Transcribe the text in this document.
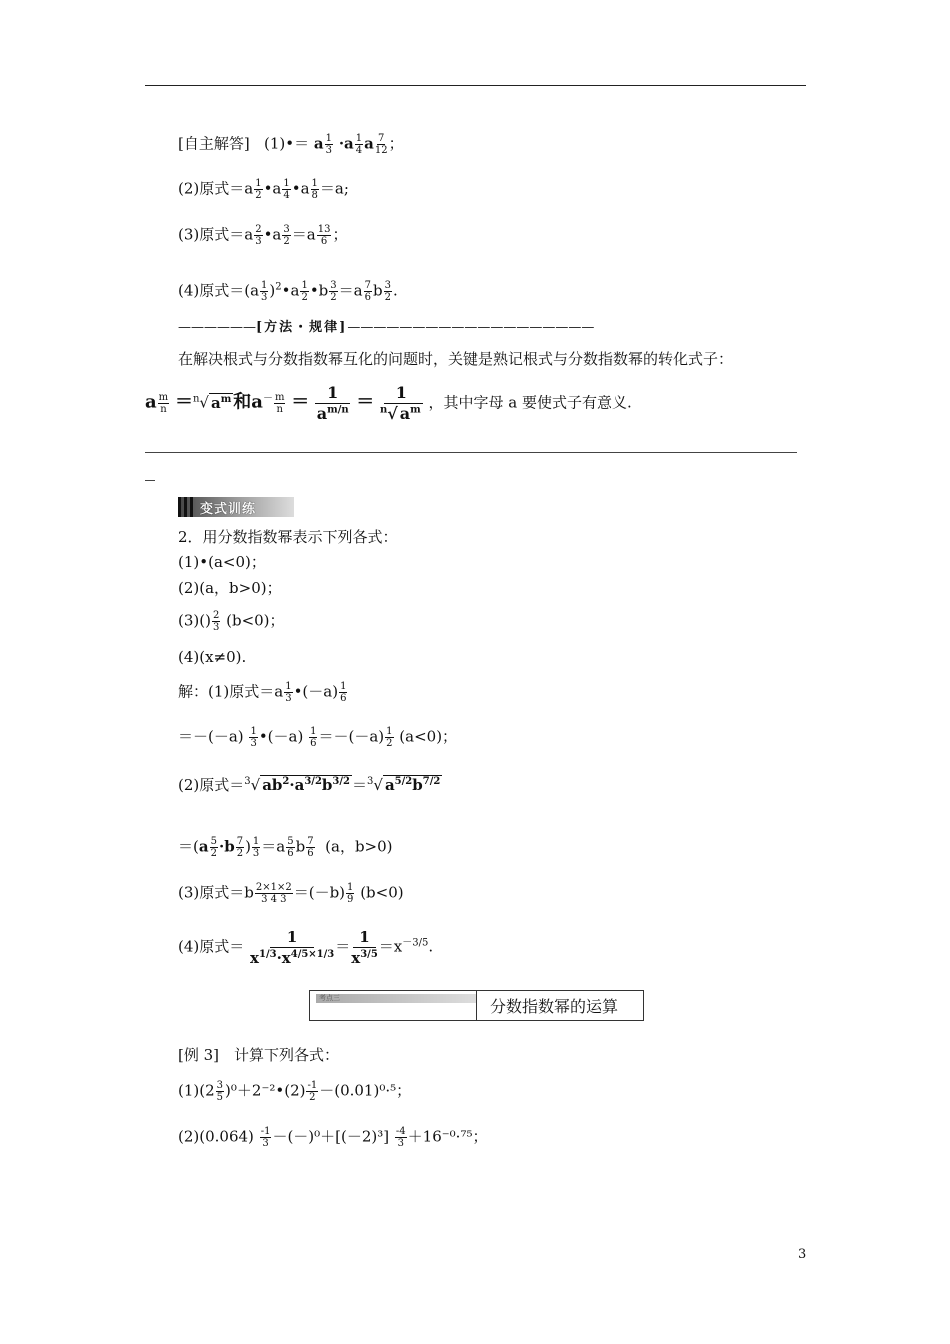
[自主解答] (1)•＝ a $\frac{1}{3} \cdot a \frac{1}{4}$ a $\frac{7}{12}$ ；
(2)原式$=a \frac{1}{2}$ •a $\frac{1}{4}$ •a $\frac{1}{8} =a$;
(3)原式$=a \frac{2}{3}$ •a $\frac{3}{2} =a \frac{13}{6}$ ；
(4)原式$=(a \frac{1}{3}$ )$^2$•a $\frac{1}{2}$ •b $\frac{3}{2} =a \frac{7}{6}$ b $\frac{3}{2}$ .
——————[方法・规律]———————————————————
在解决根式与分数指数幂互化的问题时，关键是熟记根式与分数指数幂的转化式子：
a $\frac{m}{n} =^n√$ $a^m$ 和$a^- \frac{m}{n} = \frac{1}{a^{m/n}} = \frac{1}{^n√ a^m}$ ，其中字母 a 要使式子有意义.
变式训练
2．用分数指数幂表示下列各式：
(1)•(a<0)；
(2)(a，b>0)；
$(3)() \frac{2}{3} (b<0)$；
(4)(x≠0).
解：(1)原式$=a \frac{1}{3}$ •(－a) $\frac{1}{6}$
$=-(-a) \frac{1}{3}$ •(－a) $\frac{1}{6} =-(-a) \frac{1}{2} (a<0)$；
(2)原式＝$^3$√ $ab^2\cdot a^{3/2}b^{3/2} =^3√$ $a^{5/2}b^{7/2}$
$=(a \frac{5}{2} \cdot b \frac{7}{2}$ ) $\frac{1}{3} =a \frac{5}{6}$ b $\frac{7}{6} (a$，b>0)
(3)原式$=b \frac{2\times 1\times 2}{3 4 3} =(-b) \frac{1}{9} (b<0)$
(4)原式＝ $\frac{1}{x^{1/3}\cdot x^{4/5\times 1/3}} = \frac{1}{x^{3/5}} =x^{-3/5}$.
考点三	分数指数幂的运算
[例 3]　计算下列各式：
$(1)(2 \frac{3}{5}$ )⁰＋2⁻²•(2) $\frac{-1}{2} -(0.01)^0\cdot^5$；
$(2)(0.064) \frac{-1}{3} -(-)^0+[(-2)^3] \frac{-4}{3} +16^{-0}\cdot^{75}$；
3
